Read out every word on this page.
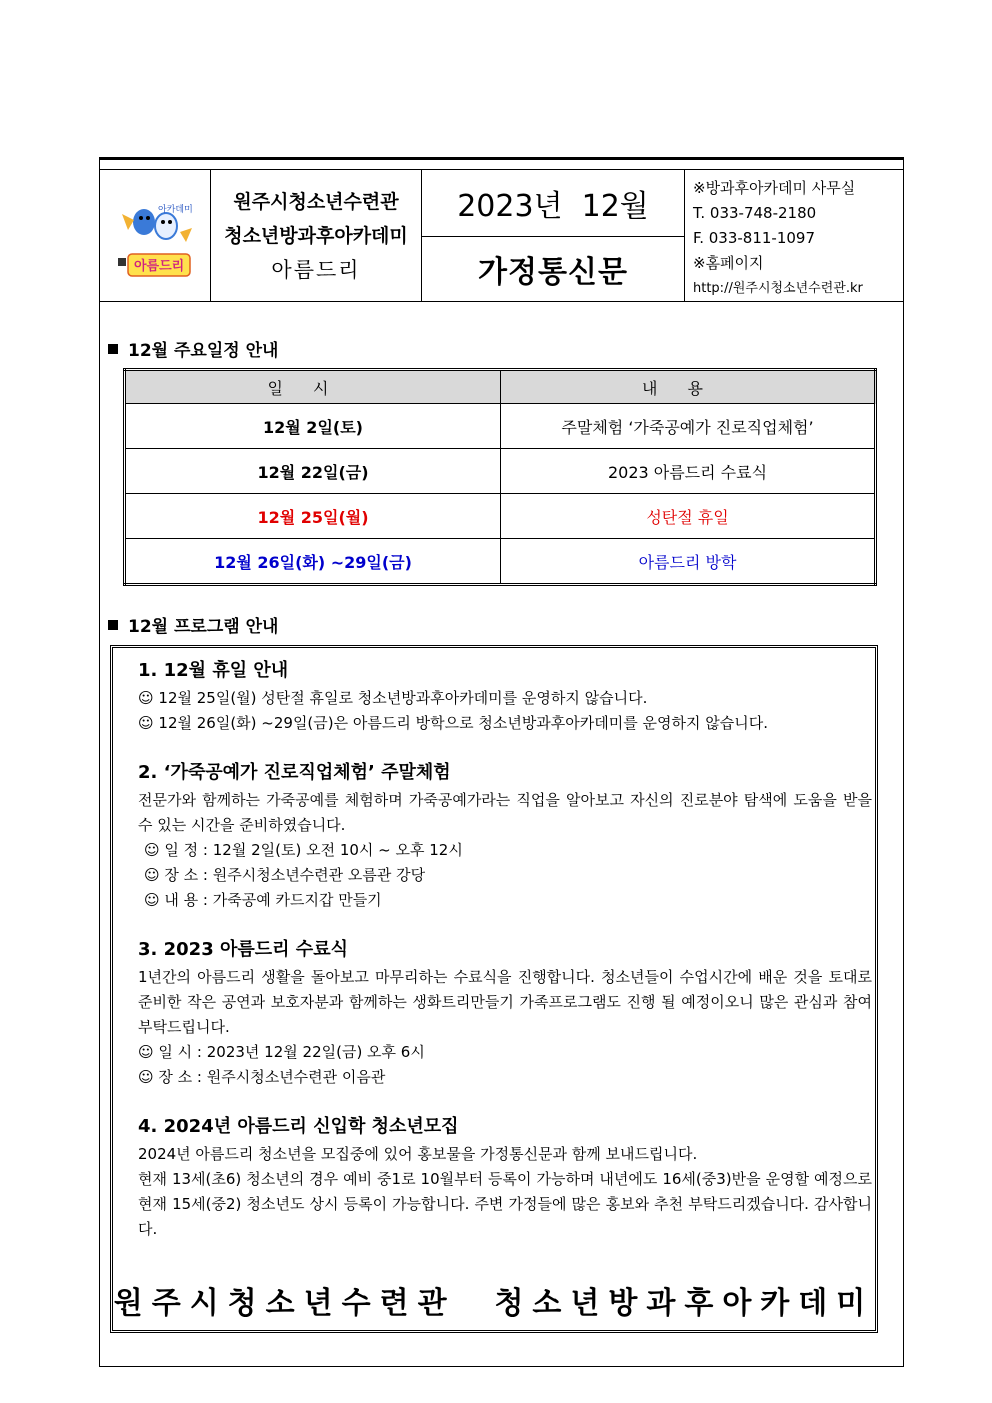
아카데미
아름드리
원주시청소년수련관
청소년방과후아카데미
아름드리
2023년  12월
가정통신문
※방과후아카데미 사무실
T. 033-748-2180
F. 033-811-1097
※홈페이지
http://원주시청소년수련관.kr
12월 주요일정 안내
일시	내용
12월 2일(토)	주말체험 ‘가죽공예가 진로직업체험’
12월 22일(금)	2023 아름드리 수료식
12월 25일(월)	성탄절 휴일
12월 26일(화) ~29일(금)	아름드리 방학
12월 프로그램 안내

1. 12월 휴일 안내

☺ 12월 25일(월) 성탄절 휴일로 청소년방과후아카데미를 운영하지 않습니다.

☺ 12월 26일(화) ~29일(금)은 아름드리 방학으로 청소년방과후아카데미를 운영하지 않습니다.

2. ‘가죽공예가 진로직업체험’ 주말체험

전문가와 함께하는 가죽공예를 체험하며 가죽공예가라는 직업을 알아보고 자신의 진로분야 탐색에 도움을 받을 수 있는 시간을 준비하였습니다.

☺ 일 정 : 12월 2일(토) 오전 10시 ~ 오후 12시

☺ 장 소 : 원주시청소년수련관 오름관 강당

☺ 내 용 : 가죽공예 카드지갑 만들기

3. 2023 아름드리 수료식

1년간의 아름드리 생활을 돌아보고 마무리하는 수료식을 진행합니다. 청소년들이 수업시간에 배운 것을 토대로 준비한 작은 공연과 보호자분과 함께하는 생화트리만들기 가족프로그램도 진행 될 예정이오니 많은 관심과 참여 부탁드립니다.

☺ 일 시 : 2023년 12월 22일(금) 오후 6시

☺ 장 소 : 원주시청소년수련관 이음관

4. 2024년 아름드리 신입학 청소년모집

2024년 아름드리 청소년을 모집중에 있어 홍보물을 가정통신문과 함께 보내드립니다.

현재 13세(초6) 청소년의 경우 예비 중1로 10월부터 등록이 가능하며 내년에도 16세(중3)반을 운영할 예정으로 현재 15세(중2) 청소년도 상시 등록이 가능합니다. 주변 가정들에 많은 홍보와 추천 부탁드리겠습니다. 감사합니다.

원주시청소년수련관  청소년방과후아카데미
